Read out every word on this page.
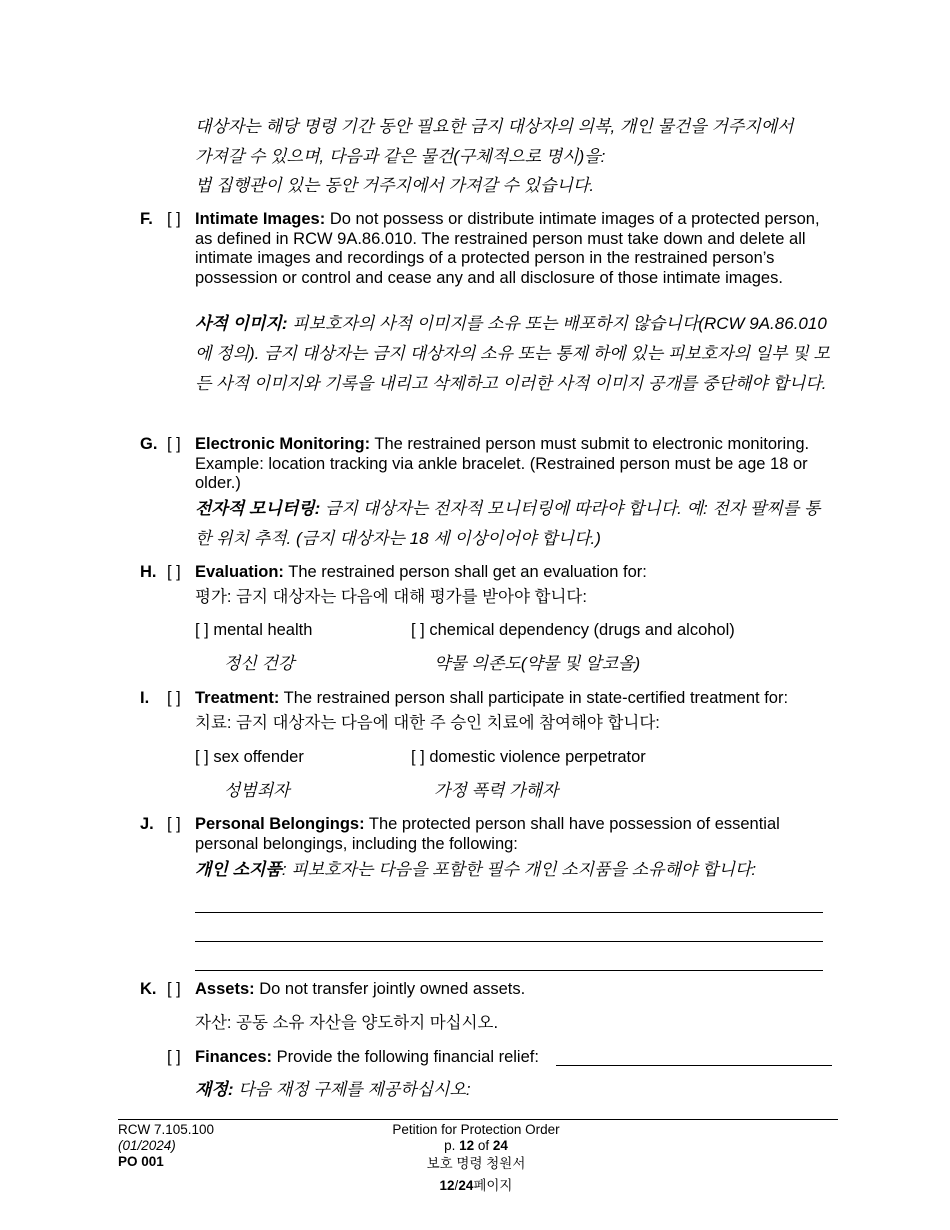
대상자는 해당 명령 기간 동안 필요한 금지 대상자의 의복, 개인 물건을 거주지에서
가져갈 수 있으며, 다음과 같은 물건(구체적으로 명시)을:
법 집행관이 있는 동안 거주지에서 가져갈 수 있습니다.
F. [ ] Intimate Images: Do not possess or distribute intimate images of a protected person, as defined in RCW 9A.86.010. The restrained person must take down and delete all intimate images and recordings of a protected person in the restrained person’s possession or control and cease any and all disclosure of those intimate images.
사적 이미지: 피보호자의 사적 이미지를 소유 또는 배포하지 않습니다(RCW 9A.86.010 에 정의). 금지 대상자는 금지 대상자의 소유 또는 통제 하에 있는 피보호자의 일부 및 모든 사적 이미지와 기록을 내리고 삭제하고 이러한 사적 이미지 공개를 중단해야 합니다.
G. [ ] Electronic Monitoring: The restrained person must submit to electronic monitoring. Example: location tracking via ankle bracelet. (Restrained person must be age 18 or older.)
전자적 모니터링: 금지 대상자는 전자적 모니터링에 따라야 합니다. 예: 전자 팔찌를 통한 위치 추적. (금지 대상자는 18 세 이상이어야 합니다.)
H. [ ] Evaluation: The restrained person shall get an evaluation for:
평가: 금지 대상자는 다음에 대해 평가를 받아야 합니다:
[ ] mental health	[ ] chemical dependency (drugs and alcohol)
정신 건강	약물 의존도(약물 및 알코올)
I. [ ] Treatment: The restrained person shall participate in state-certified treatment for:
치료: 금지 대상자는 다음에 대한 주 승인 치료에 참여해야 합니다:
[ ] sex offender	[ ] domestic violence perpetrator
성범죄자	가정 폭력 가해자
J. [ ] Personal Belongings: The protected person shall have possession of essential personal belongings, including the following:
개인 소지품: 피보호자는 다음을 포함한 필수 개인 소지품을 소유해야 합니다:
K. [ ] Assets: Do not transfer jointly owned assets.
자산: 공동 소유 자산을 양도하지 마십시오.
[ ] Finances: Provide the following financial relief:
재정: 다음 재정 구제를 제공하십시오:
RCW 7.105.100
(01/2024)
PO 001
Petition for Protection Order
p. 12 of 24
보호 명령 청원서
12/24페이지
